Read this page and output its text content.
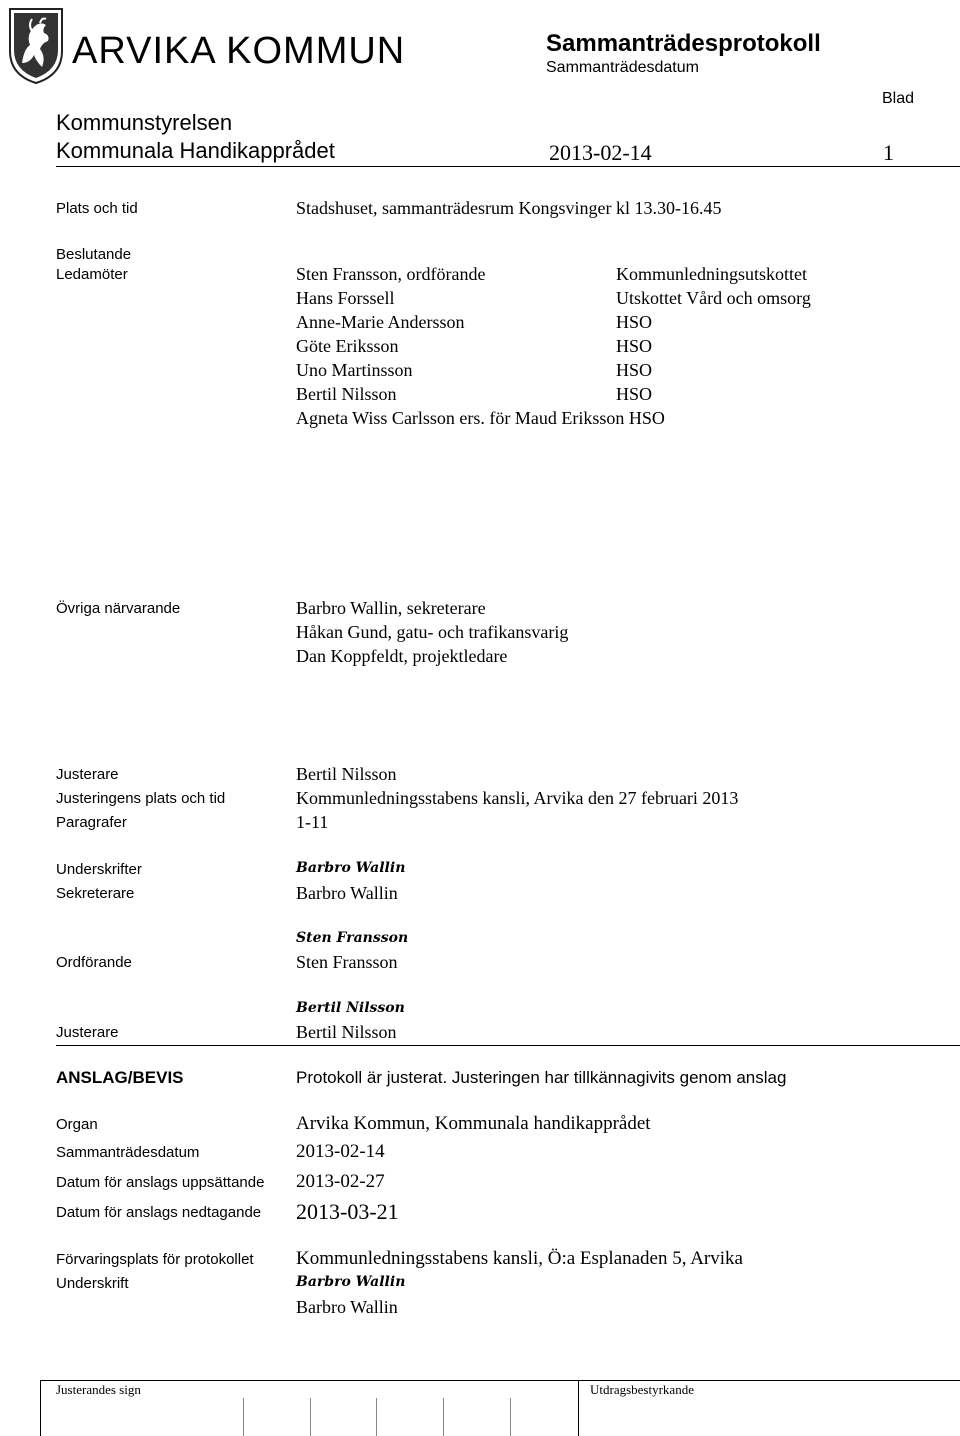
ARVIKA KOMMUN	Sammanträdesprotokoll
Sammanträdesdatum
Blad
Kommunstyrelsen
Kommunala Handikapprådet	2013-02-14	1
Plats och tid	Stadshuset, sammanträdesrum Kongsvinger kl 13.30-16.45
Beslutande
Ledamöter	Sten Fransson, ordförande	Kommunledningsutskottet
Hans Forssell	Utskottet Vård och omsorg
Anne-Marie Andersson	HSO
Göte Eriksson	HSO
Uno Martinsson	HSO
Bertil Nilsson	HSO
Agneta Wiss Carlsson ers. för Maud Eriksson HSO
Övriga närvarande	Barbro Wallin, sekreterare
Håkan Gund, gatu- och trafikansvarig
Dan Koppfeldt, projektledare
Justerare	Bertil Nilsson
Justeringens plats och tid	Kommunledningsstabens kansli, Arvika den 27 februari 2013
Paragrafer	1-11
Underskrifter	Barbro Wallin
Sekreterare	Barbro Wallin
Sten Fransson
Ordförande	Sten Fransson
Bertil Nilsson
Justerare	Bertil Nilsson
ANSLAG/BEVIS	Protokoll är justerat. Justeringen har tillkännagivits genom anslag
Organ	Arvika Kommun, Kommunala handikapprådet
Sammanträdesdatum	2013-02-14
Datum för anslags uppsättande 2013-02-27
Datum för anslags nedtagande 2013-03-21
Förvaringsplats för protokollet Kommunledningsstabens kansli, Ö:a Esplanaden 5, Arvika
Underskrift	Barbro Wallin
Barbro Wallin
Justerandes sign	Utdragsbestyrkande
